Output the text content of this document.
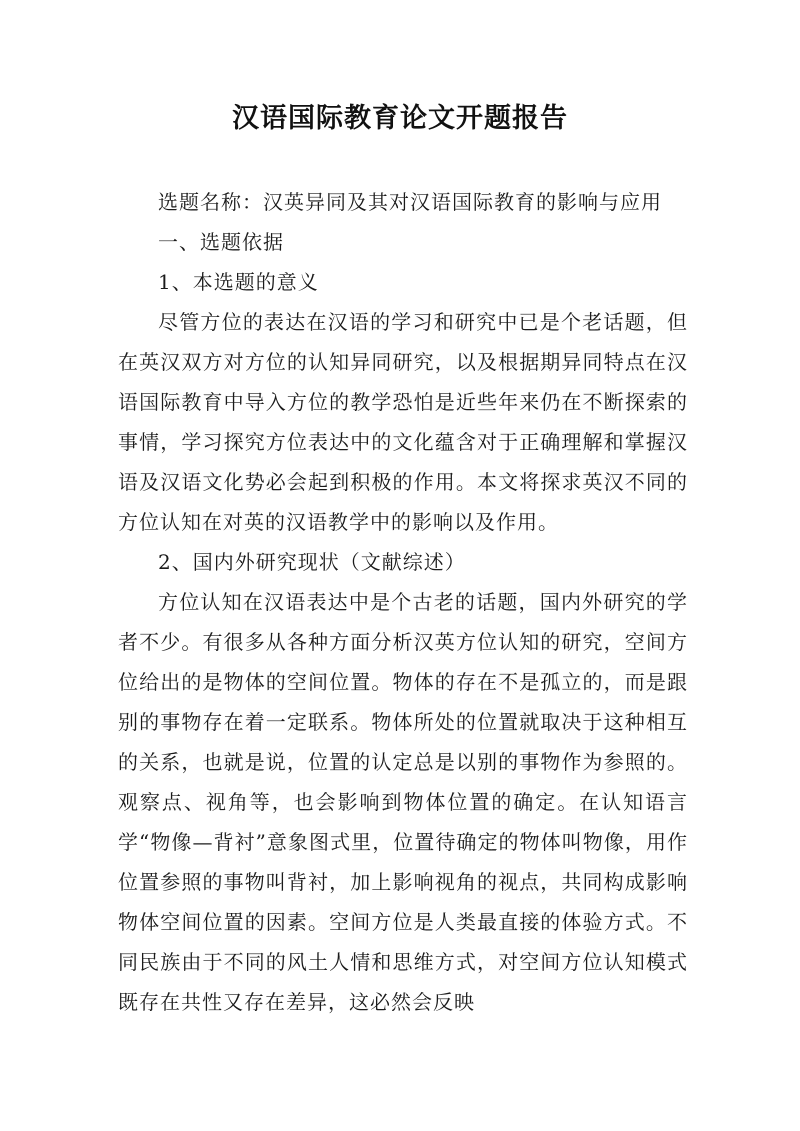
汉语国际教育论文开题报告

选题名称：汉英异同及其对汉语国际教育的影响与应用

一、选题依据

1、本选题的意义

尽管方位的表达在汉语的学习和研究中已是个老话题，但在英汉双方对方位的认知异同研究，以及根据期异同特点在汉语国际教育中导入方位的教学恐怕是近些年来仍在不断探索的事情，学习探究方位表达中的文化蕴含对于正确理解和掌握汉语及汉语文化势必会起到积极的作用。本文将探求英汉不同的方位认知在对英的汉语教学中的影响以及作用。

2、国内外研究现状（文献综述）

方位认知在汉语表达中是个古老的话题，国内外研究的学者不少。有很多从各种方面分析汉英方位认知的研究，空间方位给出的是物体的空间位置。物体的存在不是孤立的，而是跟别的事物存在着一定联系。物体所处的位置就取决于这种相互的关系，也就是说，位置的认定总是以别的事物作为参照的。观察点、视角等，也会影响到物体位置的确定。在认知语言学“物像—背衬”意象图式里，位置待确定的物体叫物像，用作位置参照的事物叫背衬，加上影响视角的视点，共同构成影响物体空间位置的因素。空间方位是人类最直接的体验方式。不同民族由于不同的风土人情和思维方式，对空间方位认知模式既存在共性又存在差异，这必然会反映
